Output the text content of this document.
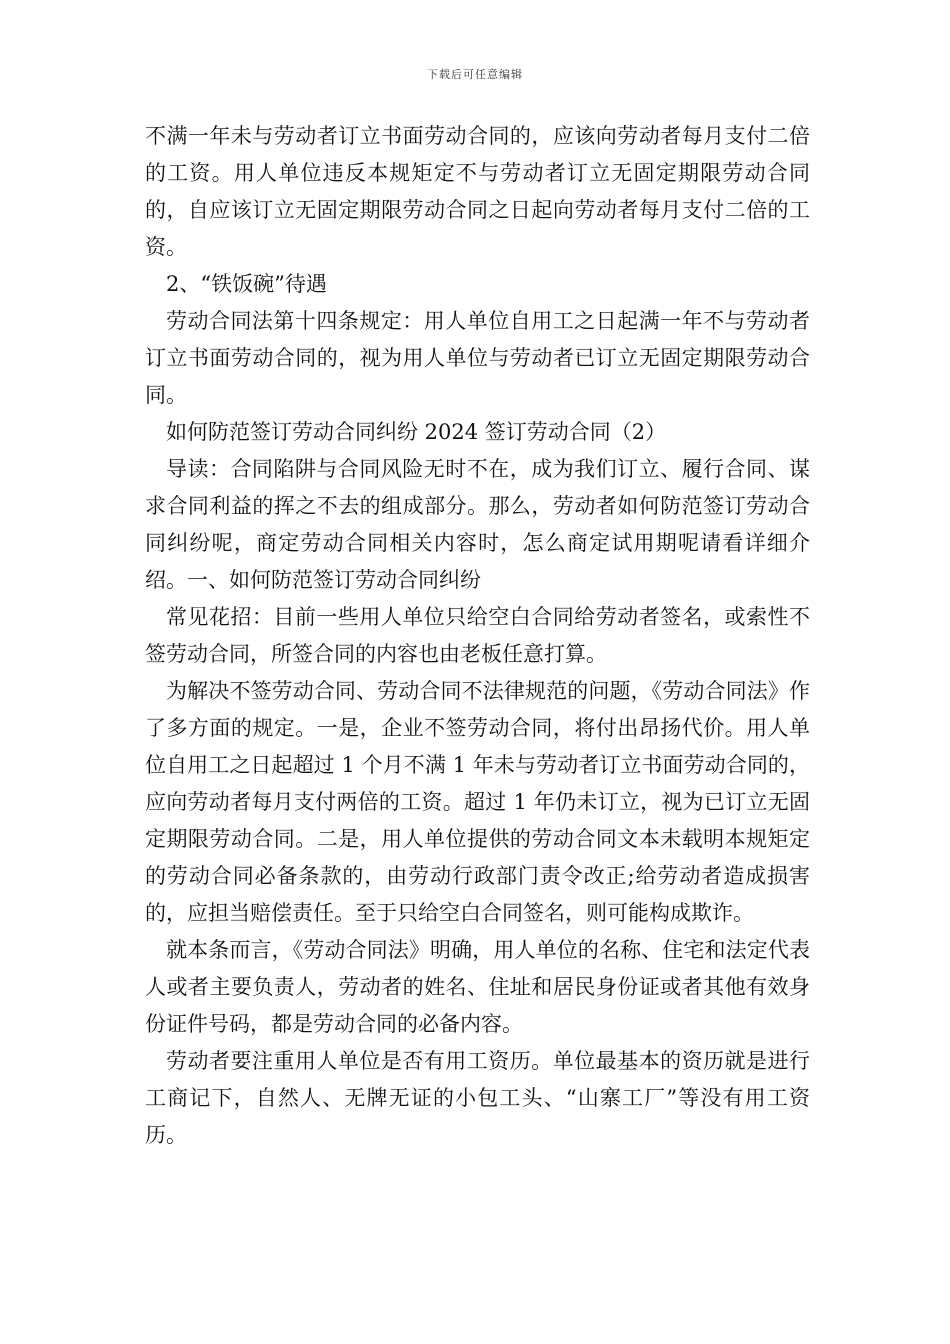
下载后可任意编辑

不满一年未与劳动者订立书面劳动合同的，应该向劳动者每月支付二倍的工资。用人单位违反本规矩定不与劳动者订立无固定期限劳动合同的，自应该订立无固定期限劳动合同之日起向劳动者每月支付二倍的工资。

2、“铁饭碗”待遇

劳动合同法第十四条规定：用人单位自用工之日起满一年不与劳动者订立书面劳动合同的，视为用人单位与劳动者已订立无固定期限劳动合同。

如何防范签订劳动合同纠纷 2024 签订劳动合同（2）

导读：合同陷阱与合同风险无时不在，成为我们订立、履行合同、谋求合同利益的挥之不去的组成部分。那么，劳动者如何防范签订劳动合同纠纷呢，商定劳动合同相关内容时，怎么商定试用期呢请看详细介绍。一、如何防范签订劳动合同纠纷

常见花招：目前一些用人单位只给空白合同给劳动者签名，或索性不签劳动合同，所签合同的内容也由老板任意打算。

为解决不签劳动合同、劳动合同不法律规范的问题，《劳动合同法》作了多方面的规定。一是，企业不签劳动合同，将付出昂扬代价。用人单位自用工之日起超过 1 个月不满 1 年未与劳动者订立书面劳动合同的，应向劳动者每月支付两倍的工资。超过 1 年仍未订立，视为已订立无固定期限劳动合同。二是，用人单位提供的劳动合同文本未载明本规矩定的劳动合同必备条款的，由劳动行政部门责令改正;给劳动者造成损害的，应担当赔偿责任。至于只给空白合同签名，则可能构成欺诈。

就本条而言，《劳动合同法》明确，用人单位的名称、住宅和法定代表人或者主要负责人，劳动者的姓名、住址和居民身份证或者其他有效身份证件号码，都是劳动合同的必备内容。

劳动者要注重用人单位是否有用工资历。单位最基本的资历就是进行工商记下，自然人、无牌无证的小包工头、“山寨工厂”等没有用工资历。
